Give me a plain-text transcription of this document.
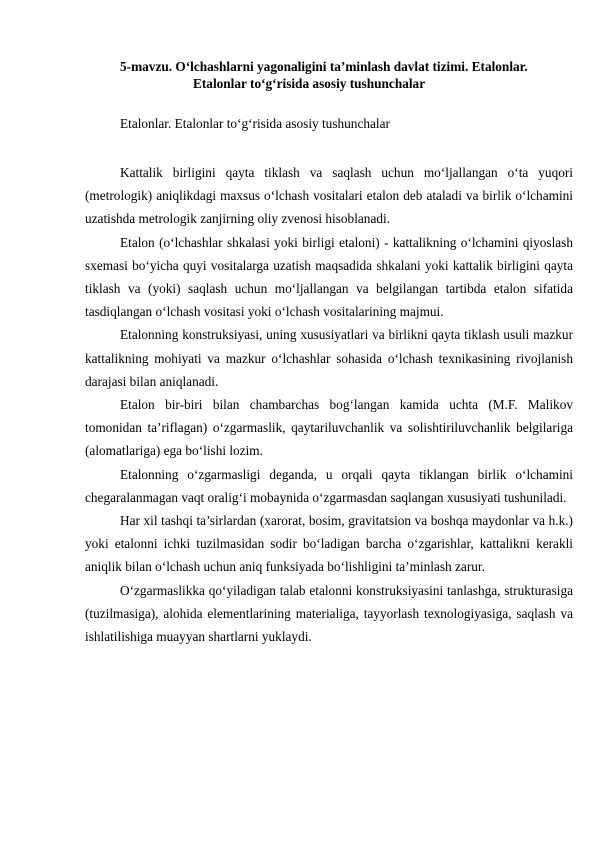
5-mavzu. O‘lchashlarni yagonaligini ta’minlash davlat tizimi. Etalonlar.
Etalonlar to‘g‘risida asosiy tushunchalar
Etalonlar. Etalonlar to‘g‘risida asosiy tushunchalar

Kattalik birligini qayta tiklash va saqlash uchun mo‘ljallangan o‘ta yuqori (metrologik) aniqlikdagi maxsus o‘lchash vositalari etalon deb ataladi va birlik o‘lchamini uzatishda metrologik zanjirning oliy zvenosi hisoblanadi.

Etalon (o‘lchashlar shkalasi yoki birligi etaloni) - kattalikning o‘lchamini qiyoslash sxemasi bo‘yicha quyi vositalarga uzatish maqsadida shkalani yoki kattalik birligini qayta tiklash va (yoki) saqlash uchun mo‘ljallangan va belgilangan tartibda etalon sifatida tasdiqlangan o‘lchash vositasi yoki o‘lchash vositalarining majmui.

Etalonning konstruksiyasi, uning xususiyatlari va birlikni qayta tiklash usuli mazkur kattalikning mohiyati va mazkur o‘lchashlar sohasida o‘lchash texnikasining rivojlanish darajasi bilan aniqlanadi.

Etalon bir-biri bilan chambarchas bog‘langan kamida uchta (M.F. Malikov tomonidan ta’riflagan) o‘zgarmaslik, qaytariluvchanlik va solishtiriluvchanlik belgilariga (alomatlariga) ega bo‘lishi lozim.

Etalonning o‘zgarmasligi deganda, u orqali qayta tiklangan birlik o‘lchamini chegaralanmagan vaqt oralig‘i mobaynida o‘zgarmasdan saqlangan xususiyati tushuniladi.

Har xil tashqi ta’sirlardan (xarorat, bosim, gravitatsion va boshqa maydonlar va h.k.) yoki etalonni ichki tuzilmasidan sodir bo‘ladigan barcha o‘zgarishlar, kattalikni kerakli aniqlik bilan o‘lchash uchun aniq funksiyada bo‘lishligini ta’minlash zarur.

O‘zgarmaslikka qo‘yiladigan talab etalonni konstruksiyasini tanlashga, strukturasiga (tuzilmasiga), alohida elementlarining materialiga, tayyorlash texnologiyasiga, saqlash va ishlatilishiga muayyan shartlarni yuklaydi.
